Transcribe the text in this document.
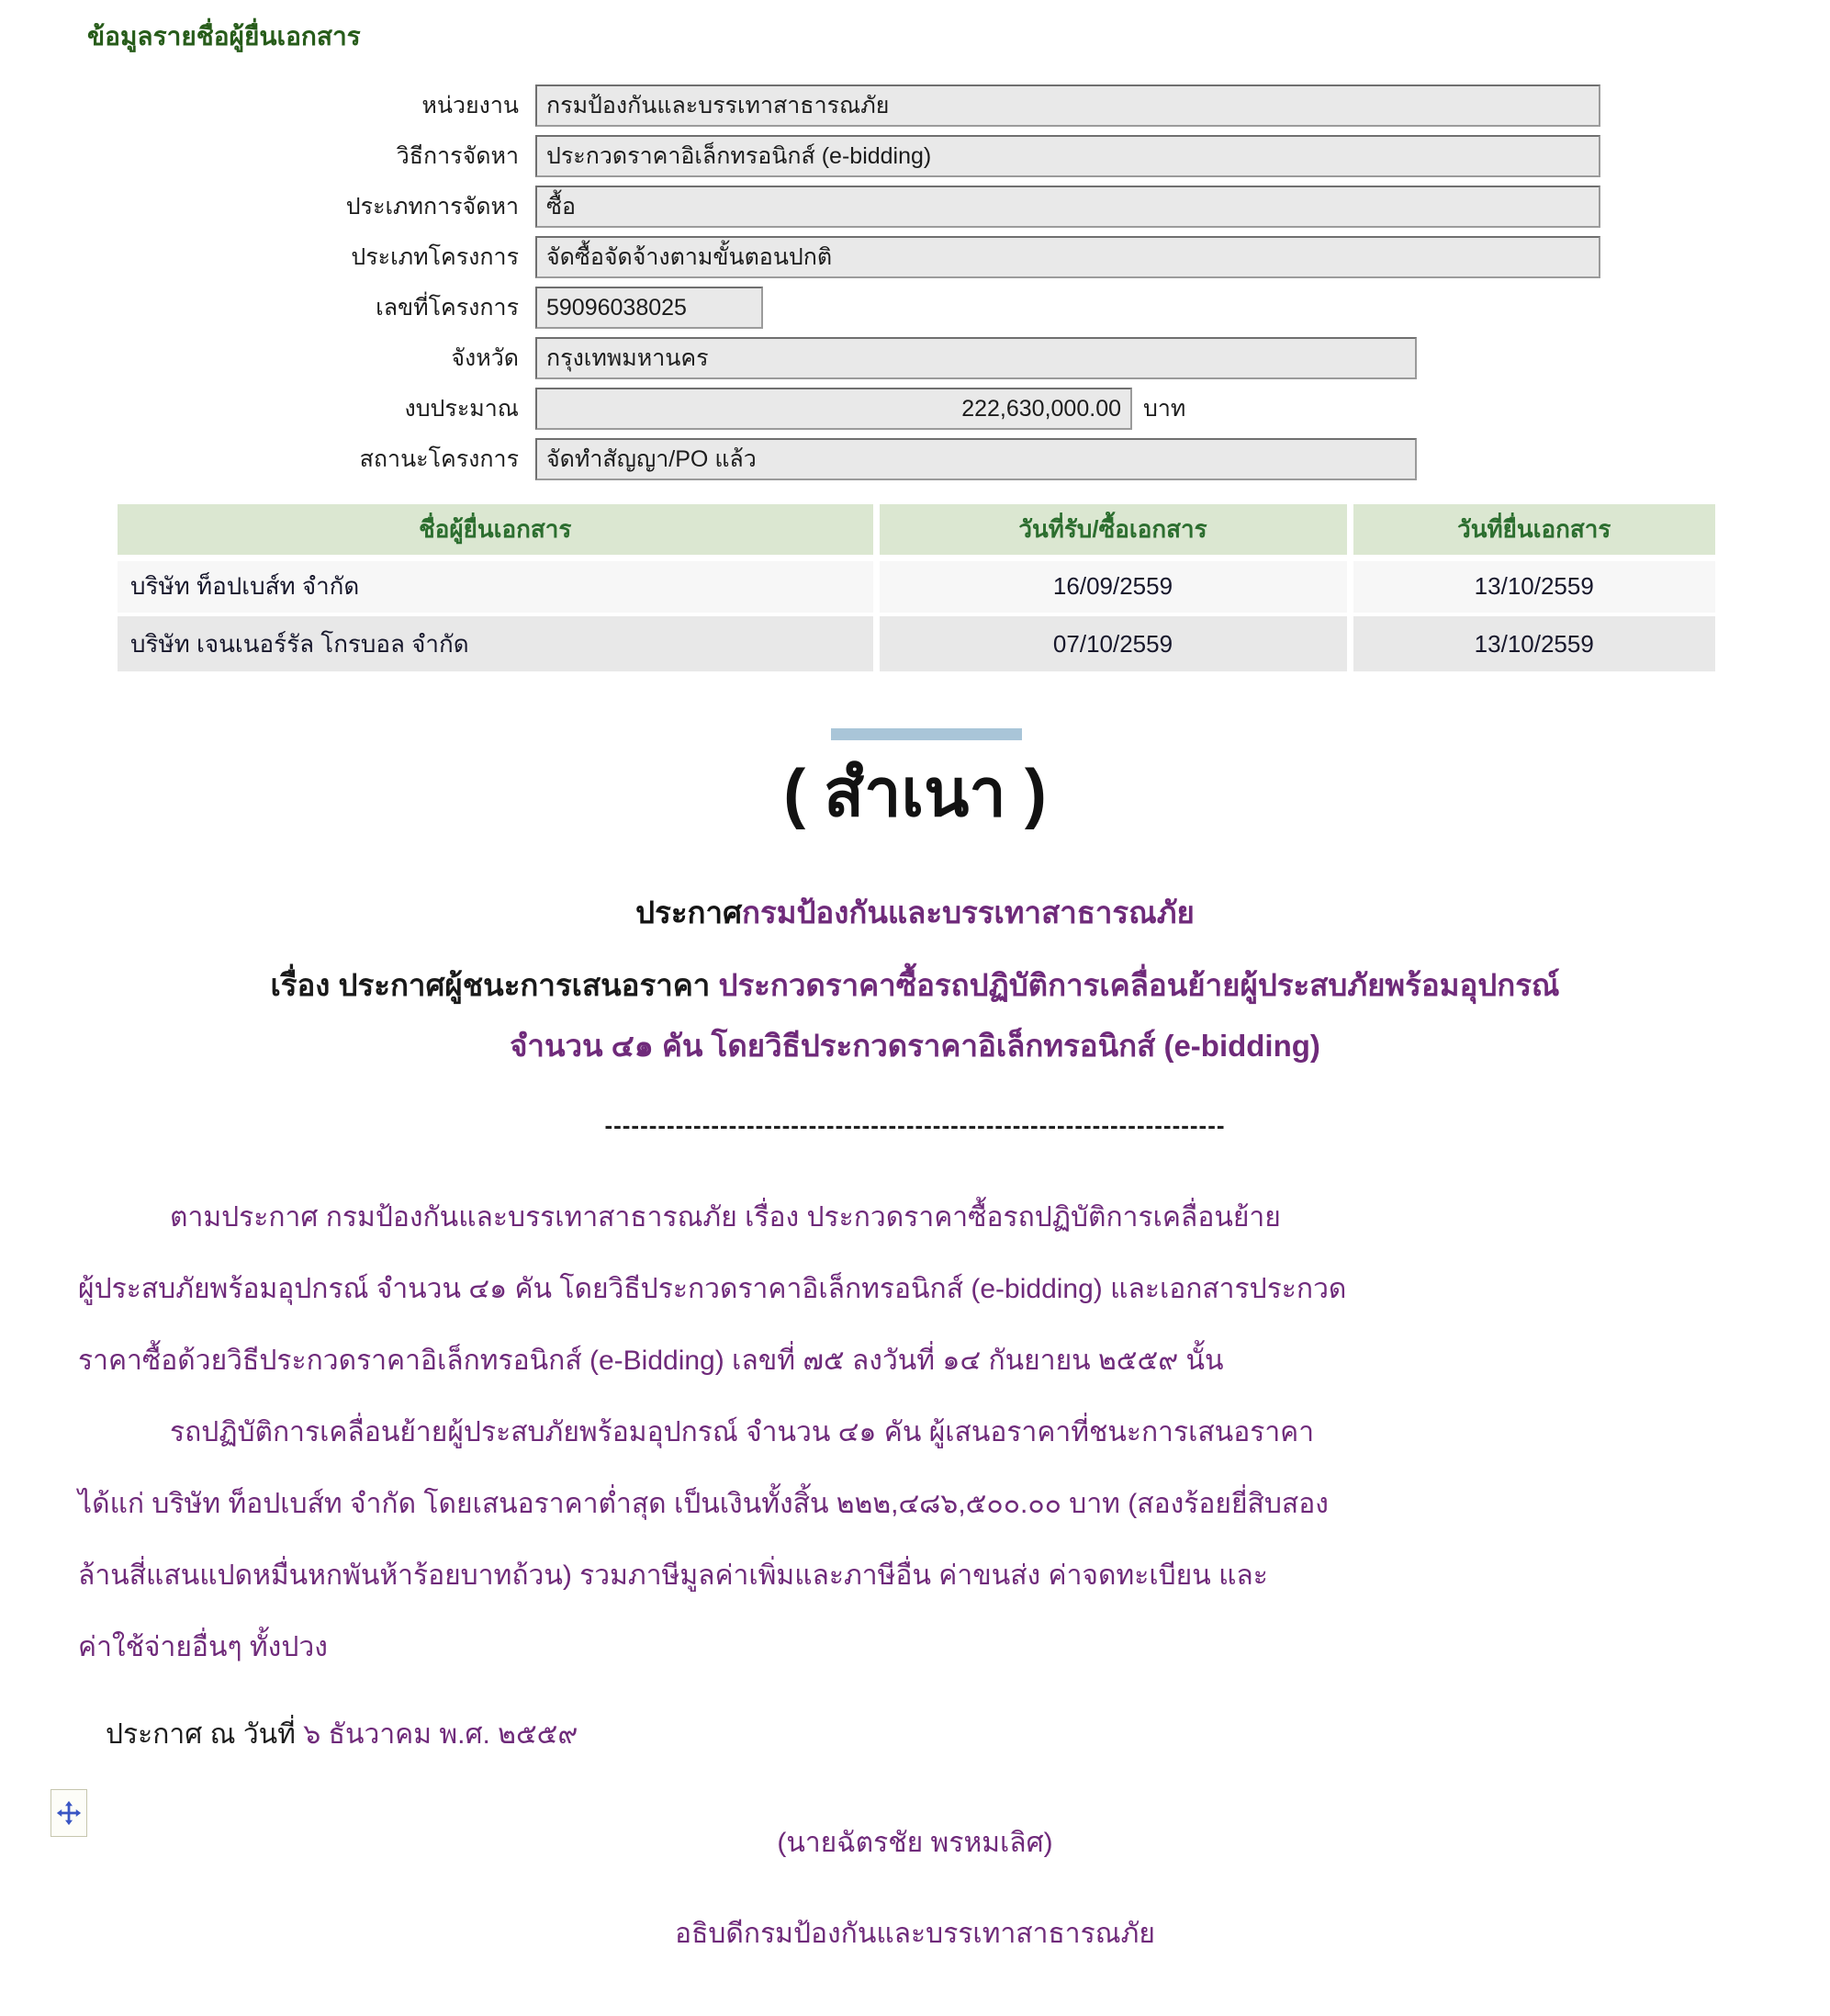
ข้อมูลรายชื่อผู้ยื่นเอกสาร
หน่วยงาน	กรมป้องกันและบรรเทาสาธารณภัย
วิธีการจัดหา	ประกวดราคาอิเล็กทรอนิกส์ (e-bidding)
ประเภทการจัดหา	ซื้อ
ประเภทโครงการ	จัดซื้อจัดจ้างตามขั้นตอนปกติ
เลขที่โครงการ	59096038025
จังหวัด	กรุงเทพมหานคร
งบประมาณ	222,630,000.00 บาท
สถานะโครงการ	จัดทำสัญญา/PO แล้ว
ชื่อผู้ยื่นเอกสาร	วันที่รับ/ซื้อเอกสาร	วันที่ยื่นเอกสาร
บริษัท ท็อปเบส์ท จำกัด	16/09/2559	13/10/2559
บริษัท เจนเนอร์รัล โกรบอล จำกัด	07/10/2559	13/10/2559
( สำเนา )
ประกาศกรมป้องกันและบรรเทาสาธารณภัย
เรื่อง ประกาศผู้ชนะการเสนอราคา ประกวดราคาซื้อรถปฏิบัติการเคลื่อนย้ายผู้ประสบภัยพร้อมอุปกรณ์
จำนวน ๔๑ คัน โดยวิธีประกวดราคาอิเล็กทรอนิกส์ (e-bidding)
----------------------------------------------------------------------
ตามประกาศ กรมป้องกันและบรรเทาสาธารณภัย เรื่อง ประกวดราคาซื้อรถปฏิบัติการเคลื่อนย้าย
ผู้ประสบภัยพร้อมอุปกรณ์ จำนวน ๔๑ คัน โดยวิธีประกวดราคาอิเล็กทรอนิกส์ (e-bidding) และเอกสารประกวด
ราคาซื้อด้วยวิธีประกวดราคาอิเล็กทรอนิกส์ (e-Bidding) เลขที่ ๗๕ ลงวันที่ ๑๔ กันยายน ๒๕๕๙ นั้น
รถปฏิบัติการเคลื่อนย้ายผู้ประสบภัยพร้อมอุปกรณ์ จำนวน ๔๑ คัน ผู้เสนอราคาที่ชนะการเสนอราคา
ได้แก่ บริษัท ท็อปเบส์ท จำกัด โดยเสนอราคาต่ำสุด เป็นเงินทั้งสิ้น ๒๒๒,๔๘๖,๕๐๐.๐๐ บาท (สองร้อยยี่สิบสอง
ล้านสี่แสนแปดหมื่นหกพันห้าร้อยบาทถ้วน) รวมภาษีมูลค่าเพิ่มและภาษีอื่น ค่าขนส่ง ค่าจดทะเบียน และ
ค่าใช้จ่ายอื่นๆ ทั้งปวง
ประกาศ ณ วันที่ ๖ ธันวาคม พ.ศ. ๒๕๕๙
(นายฉัตรชัย พรหมเลิศ)
อธิบดีกรมป้องกันและบรรเทาสาธารณภัย
